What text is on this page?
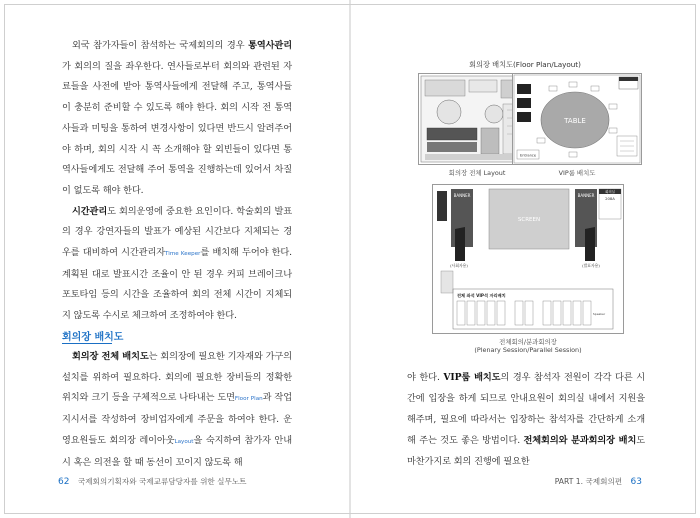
외국 참가자들이 참석하는 국제회의의 경우 통역사관리가 회의의 질을 좌우한다. 연사들로부터 회의와 관련된 자료들을 사전에 받아 통역사들에게 전달해 주고, 통역사들이 충분히 준비할 수 있도록 해야 한다. 회의 시작 전 통역사들과 미팅을 통하여 변경사항이 있다면 반드시 알려주어야 하며, 회의 시작 시 꼭 소개해야 할 외빈들이 있다면 통역사들에게도 전달해 주어 통역을 진행하는데 있어서 차질이 없도록 해야 한다.

시간관리도 회의운영에 중요한 요인이다. 학술회의 발표의 경우 강연자들의 발표가 예상된 시간보다 지체되는 경우를 대비하여 시간관리자Time Keeper를 배치해 두어야 한다. 계획된 대로 발표시간 조율이 안 된 경우 커피 브레이크나 포토타임 등의 시간을 조율하여 회의 전체 시간이 지체되지 않도록 수시로 체크하여 조정하여야 한다.

회의장 배치도

회의장 전체 배치도는 회의장에 필요한 기자재와 가구의 설치를 위하여 필요하다. 회의에 필요한 장비들의 정확한 위치와 크기 등을 구체적으로 나타내는 도면Floor Plan과 작업지시서를 작성하여 장비업자에게 주문을 하여야 한다. 운영요원들도 회의장 레이아웃Layout을 숙지하여 참가자 안내 시 혹은 의전을 할 때 동선이 꼬이지 않도록 해

62 국제회의기획자와 국제교류담당자를 위한 실무노트	PART 1. 국제회의편 63
회의장 배치도(Floor Plan/Layout)
회의장 전체 Layout
TABLE
Entrance
VIP룸 배치도
BANNER
SCREEN
BANNER
회의실
208A
(사회자용)	(발표자용)
전체 좌석 VIP석 자리배치
Speaker
전체회의/분과회의장
(Plenary Session/Parallel Session)

야 한다. VIP룸 배치도의 경우 참석자 전원이 각각 다른 시간에 입장을 하게 되므로 안내요원이 회의실 내에서 지원을 해주며, 필요에 따라서는 입장하는 참석자를 간단하게 소개해 주는 것도 좋은 방법이다. 전체회의와 분과회의장 배치도 마찬가지로 회의 진행에 필요한
